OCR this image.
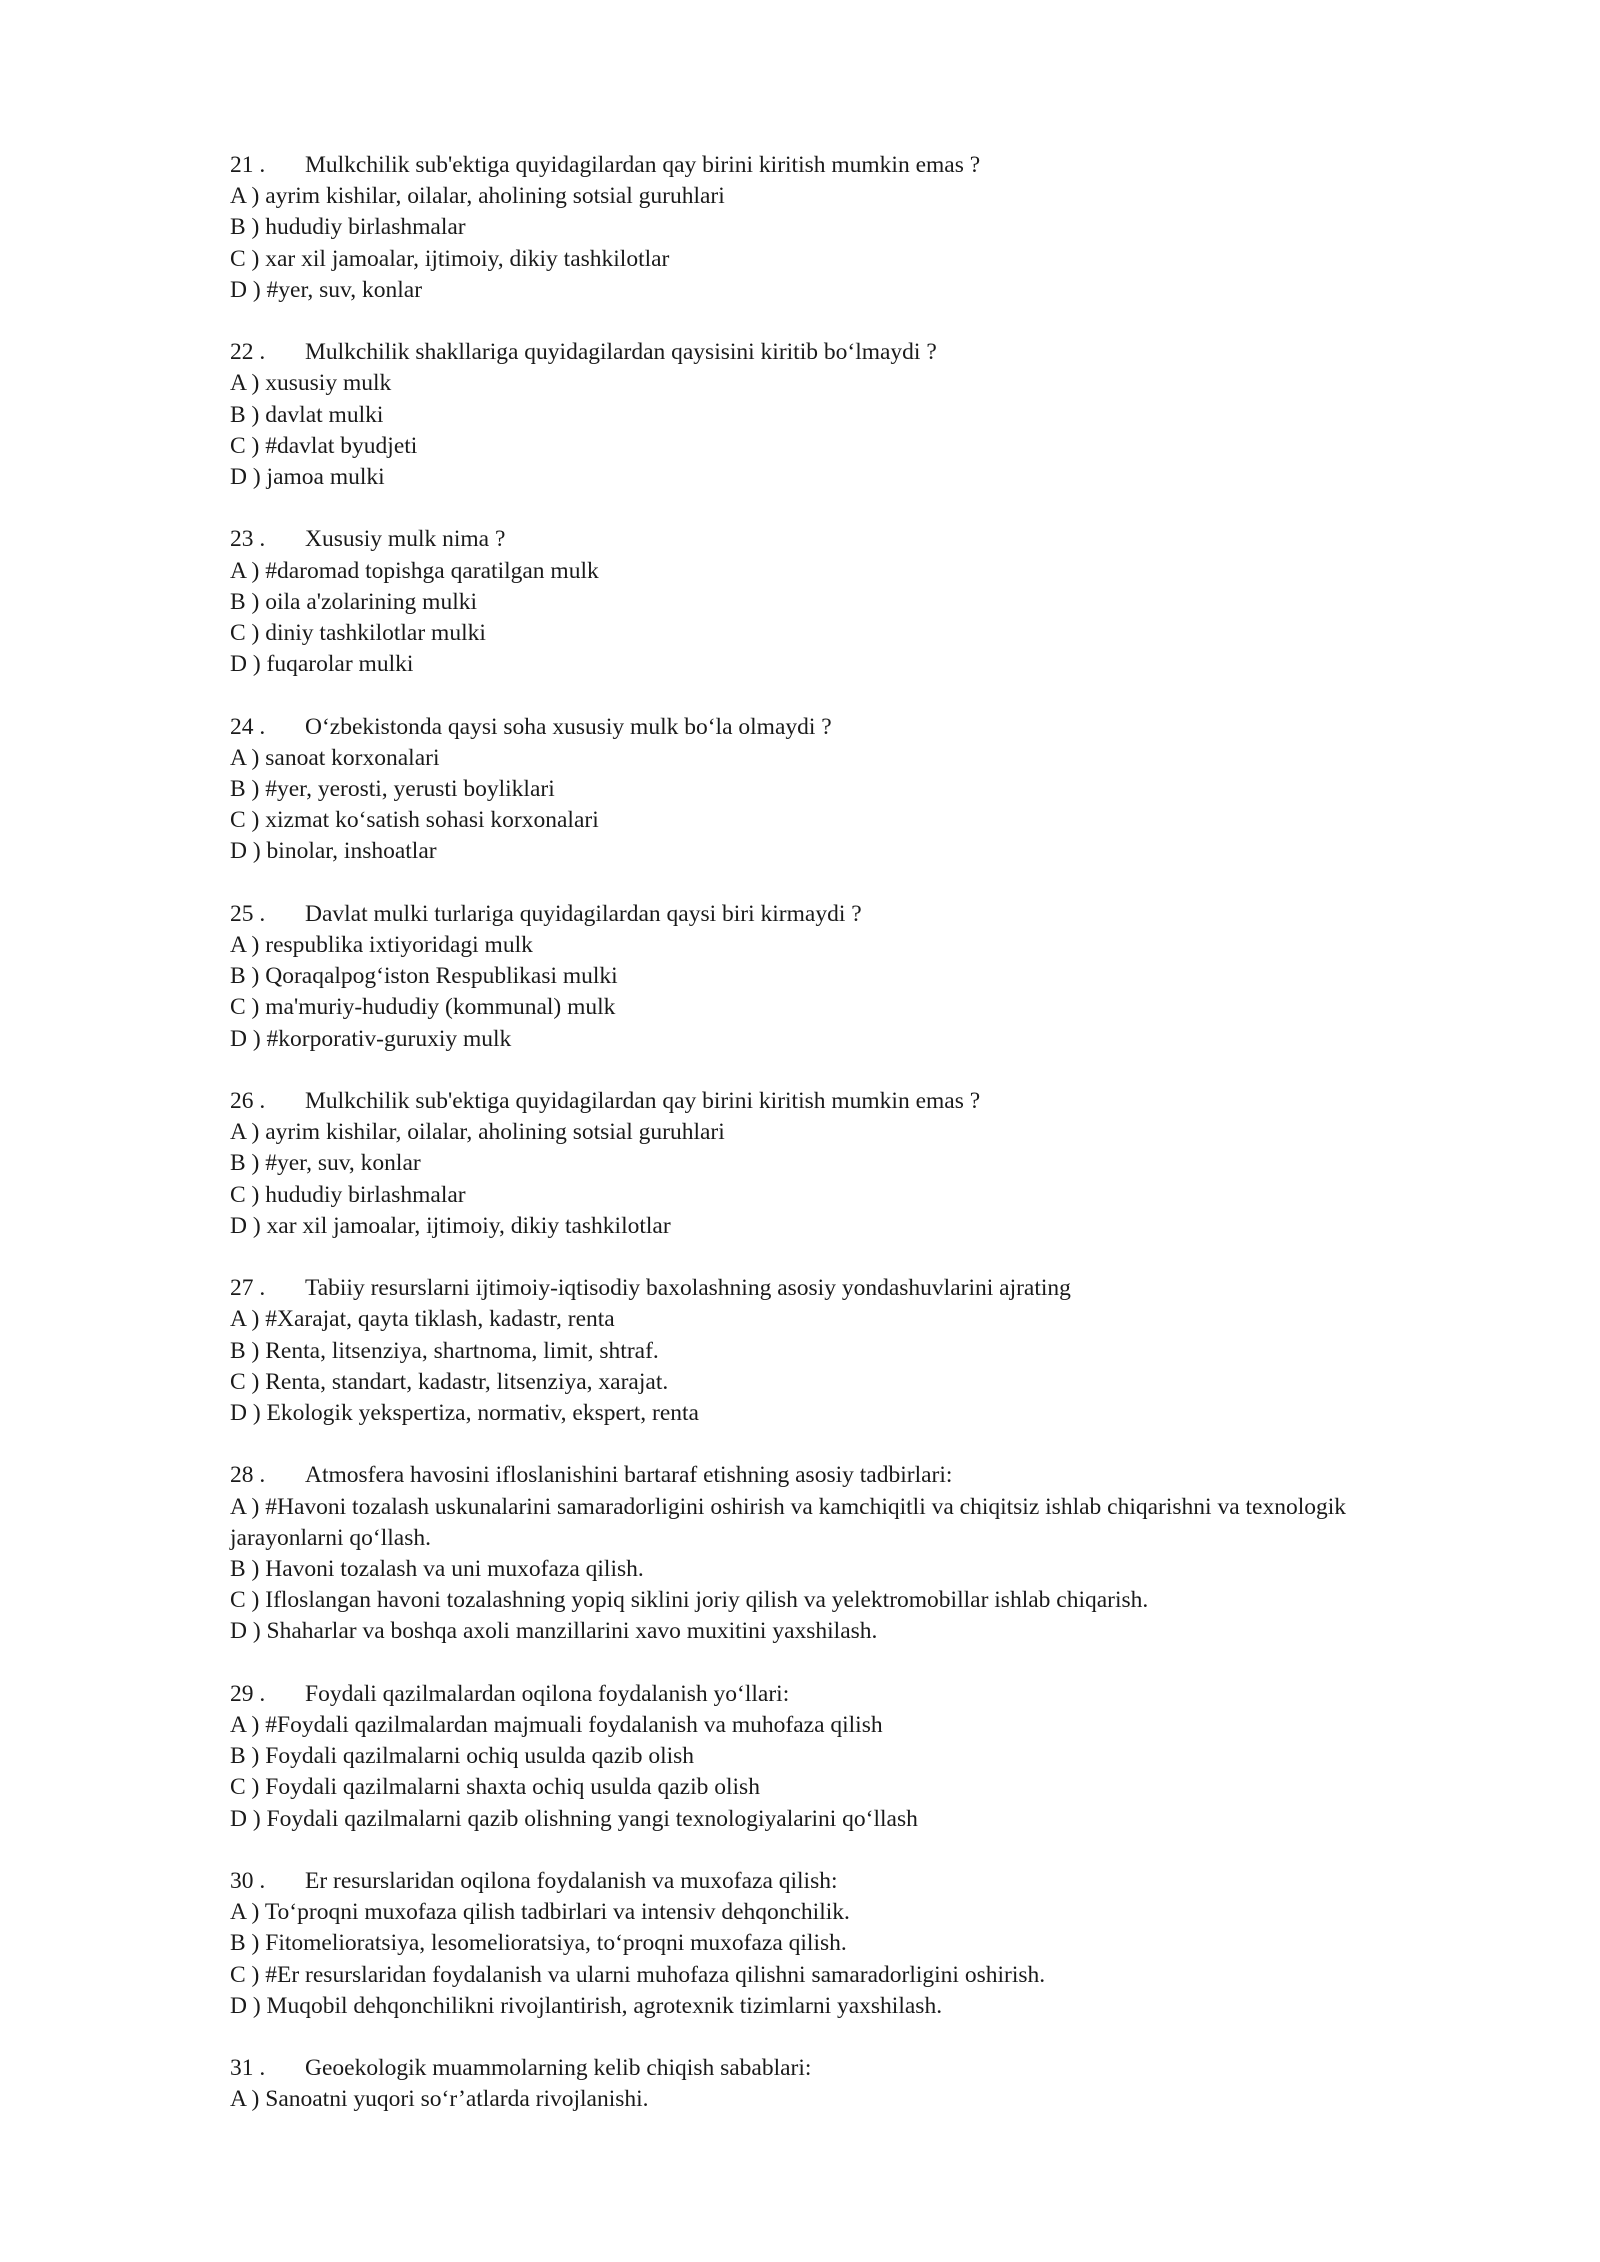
21 .	Mulkchilik sub'ektiga quyidagilardan qay birini kiritish mumkin emas ?
A ) ayrim kishilar, oilalar, aholining sotsial guruhlari
B ) hududiy birlashmalar
C ) xar xil jamoalar, ijtimoiy, dikiy tashkilotlar
D ) #yer, suv, konlar
22 .	Mulkchilik shakllariga quyidagilardan qaysisini kiritib bo‘lmaydi ?
A ) xususiy mulk
B ) davlat mulki
C ) #davlat byudjeti
D ) jamoa mulki
23 .	Xususiy mulk nima ?
A ) #daromad topishga qaratilgan mulk
B ) oila a'zolarining mulki
C ) diniy tashkilotlar mulki
D ) fuqarolar mulki
24 .	O‘zbekistonda qaysi soha xususiy mulk bo‘la olmaydi ?
A ) sanoat korxonalari
B ) #yer, yerosti, yerusti boyliklari
C ) xizmat ko‘satish sohasi korxonalari
D ) binolar, inshoatlar
25 .	Davlat mulki turlariga quyidagilardan qaysi biri kirmaydi ?
A ) respublika ixtiyoridagi mulk
B ) Qoraqalpog‘iston Respublikasi mulki
C ) ma'muriy-hududiy (kommunal) mulk
D ) #korporativ-guruxiy mulk
26 .	Mulkchilik sub'ektiga quyidagilardan qay birini kiritish mumkin emas ?
A ) ayrim kishilar, oilalar, aholining sotsial guruhlari
B ) #yer, suv, konlar
C ) hududiy birlashmalar
D ) xar xil jamoalar, ijtimoiy, dikiy tashkilotlar
27 .	Tabiiy resurslarni ijtimoiy-iqtisodiy baxolashning asosiy yondashuvlarini ajrating
A ) #Xarajat, qayta tiklash, kadastr, renta
B ) Renta, litsenziya, shartnoma, limit, shtraf.
C ) Renta, standart, kadastr, litsenziya, xarajat.
D ) Ekologik yekspertiza, normativ, ekspert, renta
28 .	Atmosfera havosini ifloslanishini bartaraf etishning asosiy tadbirlari:
A ) #Havoni tozalash uskunalarini samaradorligini oshirish va kamchiqitli va chiqitsiz ishlab chiqarishni va texnologik jarayonlarni qo‘llash.
B ) Havoni tozalash va uni muxofaza qilish.
C ) Ifloslangan havoni tozalashning yopiq siklini joriy qilish va yelektromobillar ishlab chiqarish.
D ) Shaharlar va boshqa axoli manzillarini xavo muxitini yaxshilash.
29 .	Foydali qazilmalardan oqilona foydalanish yo‘llari:
A ) #Foydali qazilmalardan majmuali foydalanish va muhofaza qilish
B ) Foydali qazilmalarni ochiq usulda qazib olish
C ) Foydali qazilmalarni shaxta ochiq usulda qazib olish
D ) Foydali qazilmalarni qazib olishning yangi texnologiyalarini qo‘llash
30 .	Er resurslaridan oqilona foydalanish va muxofaza qilish:
A ) To‘proqni muxofaza qilish tadbirlari va intensiv dehqonchilik.
B ) Fitomelioratsiya, lesomelioratsiya, to‘proqni muxofaza qilish.
C ) #Er resurslaridan foydalanish va ularni muhofaza qilishni samaradorligini oshirish.
D ) Muqobil dehqonchilikni rivojlantirish, agrotexnik tizimlarni yaxshilash.
31 .	Geoekologik muammolarning kelib chiqish sabablari:
A ) Sanoatni yuqori so‘r’atlarda rivojlanishi.
